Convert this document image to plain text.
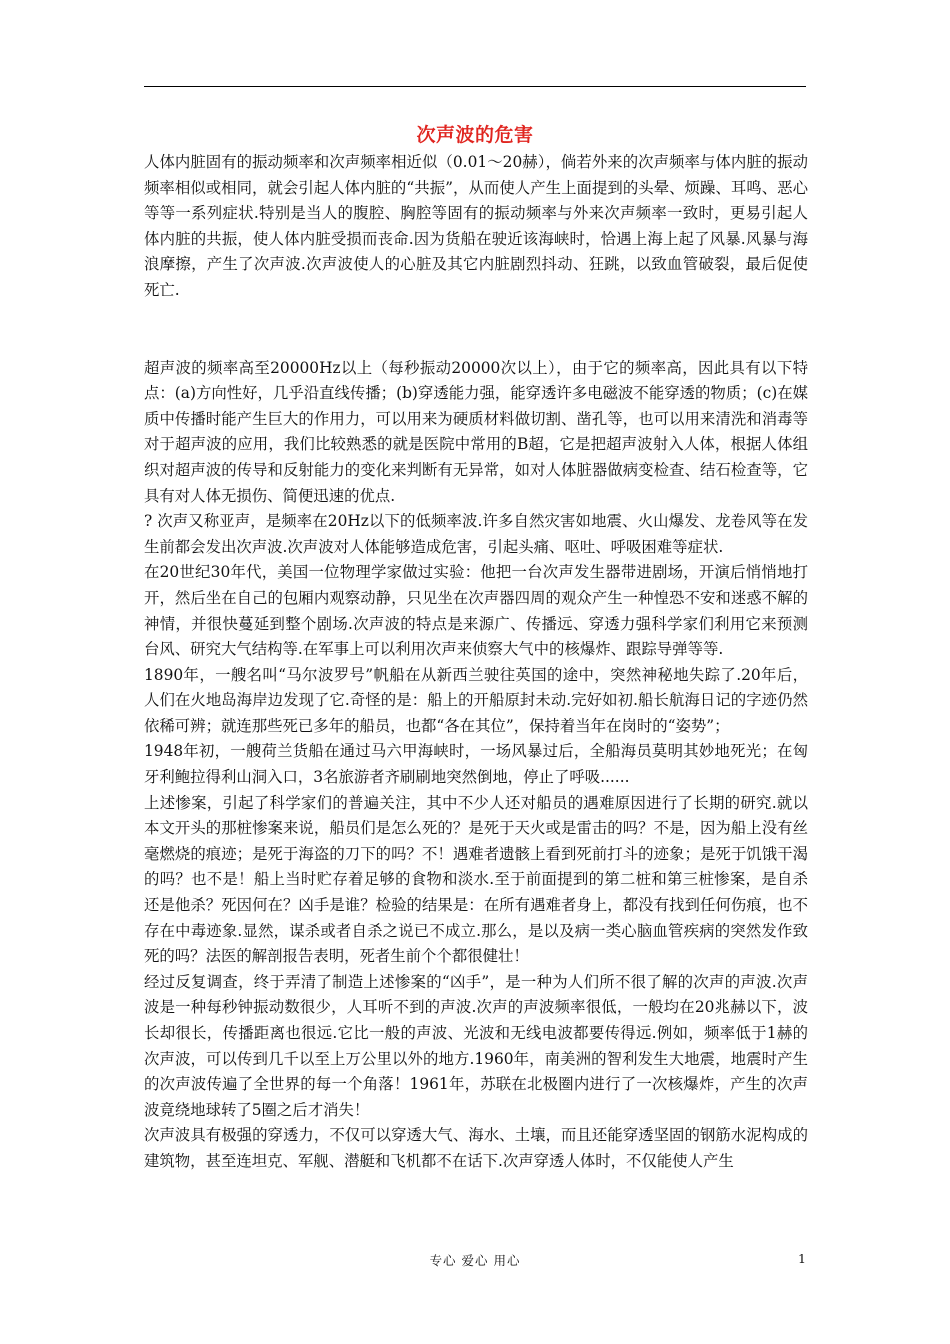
次声波的危害

人体内脏固有的振动频率和次声频率相近似（0.01～20赫），倘若外来的次声频率与体内脏的振动频率相似或相同，就会引起人体内脏的“共振”，从而使人产生上面提到的头晕、烦躁、耳鸣、恶心等等一系列症状.特别是当人的腹腔、胸腔等固有的振动频率与外来次声频率一致时，更易引起人体内脏的共振，使人体内脏受损而丧命.因为货船在驶近该海峡时，恰遇上海上起了风暴.风暴与海浪摩擦，产生了次声波.次声波使人的心脏及其它内脏剧烈抖动、狂跳，以致血管破裂，最后促使死亡.

超声波的频率高至20000Hz以上（每秒振动20000次以上），由于它的频率高，因此具有以下特点：(a)方向性好，几乎沿直线传播；(b)穿透能力强，能穿透许多电磁波不能穿透的物质；(c)在媒质中传播时能产生巨大的作用力，可以用来为硬质材料做切割、凿孔等，也可以用来清洗和消毒等对于超声波的应用，我们比较熟悉的就是医院中常用的B超，它是把超声波射入人体，根据人体组织对超声波的传导和反射能力的变化来判断有无异常，如对人体脏器做病变检查、结石检查等，它具有对人体无损伤、简便迅速的优点.

? 次声又称亚声，是频率在20Hz以下的低频率波.许多自然灾害如地震、火山爆发、龙卷风等在发生前都会发出次声波.次声波对人体能够造成危害，引起头痛、呕吐、呼吸困难等症状.

在20世纪30年代，美国一位物理学家做过实验：他把一台次声发生器带进剧场，开演后悄悄地打开，然后坐在自己的包厢内观察动静，只见坐在次声器四周的观众产生一种惶恐不安和迷惑不解的神情，并很快蔓延到整个剧场.次声波的特点是来源广、传播远、穿透力强科学家们利用它来预测台风、研究大气结构等.在军事上可以利用次声来侦察大气中的核爆炸、跟踪导弹等等.

1890年，一艘名叫“马尔波罗号”帆船在从新西兰驶往英国的途中，突然神秘地失踪了.20年后，人们在火地岛海岸边发现了它.奇怪的是：船上的开船原封未动.完好如初.船长航海日记的字迹仍然依稀可辨；就连那些死已多年的船员，也都“各在其位”，保持着当年在岗时的“姿势”；

1948年初，一艘荷兰货船在通过马六甲海峡时，一场风暴过后，全船海员莫明其妙地死光；在匈牙利鲍拉得利山洞入口，3名旅游者齐刷刷地突然倒地，停止了呼吸......

上述惨案，引起了科学家们的普遍关注，其中不少人还对船员的遇难原因进行了长期的研究.就以本文开头的那桩惨案来说，船员们是怎么死的？是死于天火或是雷击的吗？不是，因为船上没有丝毫燃烧的痕迹；是死于海盗的刀下的吗？不！遇难者遗骸上看到死前打斗的迹象；是死于饥饿干渴的吗？也不是！船上当时贮存着足够的食物和淡水.至于前面提到的第二桩和第三桩惨案，是自杀还是他杀？死因何在？凶手是谁？检验的结果是：在所有遇难者身上，都没有找到任何伤痕，也不存在中毒迹象.显然，谋杀或者自杀之说已不成立.那么，是以及病一类心脑血管疾病的突然发作致死的吗？法医的解剖报告表明，死者生前个个都很健壮！

经过反复调查，终于弄清了制造上述惨案的“凶手”，是一种为人们所不很了解的次声的声波.次声波是一种每秒钟振动数很少，人耳听不到的声波.次声的声波频率很低，一般均在20兆赫以下，波长却很长，传播距离也很远.它比一般的声波、光波和无线电波都要传得远.例如，频率低于1赫的次声波，可以传到几千以至上万公里以外的地方.1960年，南美洲的智利发生大地震，地震时产生的次声波传遍了全世界的每一个角落！1961年，苏联在北极圈内进行了一次核爆炸，产生的次声波竟绕地球转了5圈之后才消失！

次声波具有极强的穿透力，不仅可以穿透大气、海水、土壤，而且还能穿透坚固的钢筋水泥构成的建筑物，甚至连坦克、军舰、潜艇和飞机都不在话下.次声穿透人体时，不仅能使人产生

专心 爱心 用心	1
